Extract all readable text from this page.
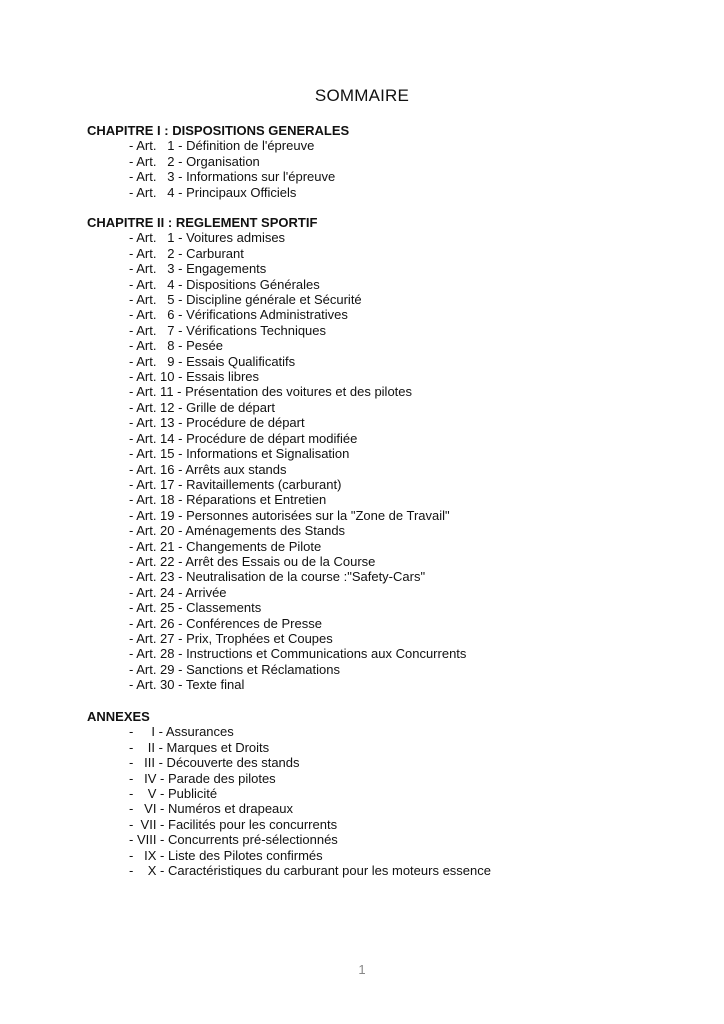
SOMMAIRE
CHAPITRE I : DISPOSITIONS GENERALES
- Art.   1 - Définition de l'épreuve
- Art.   2 - Organisation
- Art.   3 - Informations sur l'épreuve
- Art.   4 - Principaux Officiels
CHAPITRE II : REGLEMENT SPORTIF
- Art.   1 - Voitures admises
- Art.   2 - Carburant
- Art.   3 - Engagements
- Art.   4 - Dispositions Générales
- Art.   5 - Discipline générale et Sécurité
- Art.   6 - Vérifications Administratives
- Art.   7 - Vérifications Techniques
- Art.   8 - Pesée
- Art.   9 - Essais Qualificatifs
- Art. 10 - Essais libres
- Art. 11 - Présentation des voitures et des pilotes
- Art. 12 - Grille de départ
- Art. 13 - Procédure de départ
- Art. 14 - Procédure de départ modifiée
- Art. 15 - Informations et Signalisation
- Art. 16 - Arrêts aux stands
- Art. 17 - Ravitaillements (carburant)
- Art. 18 - Réparations et Entretien
- Art. 19 - Personnes autorisées sur la "Zone de Travail"
- Art. 20 - Aménagements des Stands
- Art. 21 - Changements de Pilote
- Art. 22 - Arrêt des Essais ou de la Course
- Art. 23 - Neutralisation de la course :"Safety-Cars"
- Art. 24 - Arrivée
- Art. 25 - Classements
- Art. 26 - Conférences de Presse
- Art. 27 - Prix, Trophées et Coupes
- Art. 28 - Instructions et Communications aux Concurrents
- Art. 29 - Sanctions et Réclamations
- Art. 30 - Texte final
ANNEXES
-     I - Assurances
-    II - Marques et Droits
-   III - Découverte des stands
-   IV - Parade des pilotes
-    V - Publicité
-   VI - Numéros et drapeaux
-  VII - Facilités pour les concurrents
- VIII - Concurrents pré-sélectionnés
-   IX - Liste des Pilotes confirmés
-    X - Caractéristiques du carburant pour les moteurs essence
1
